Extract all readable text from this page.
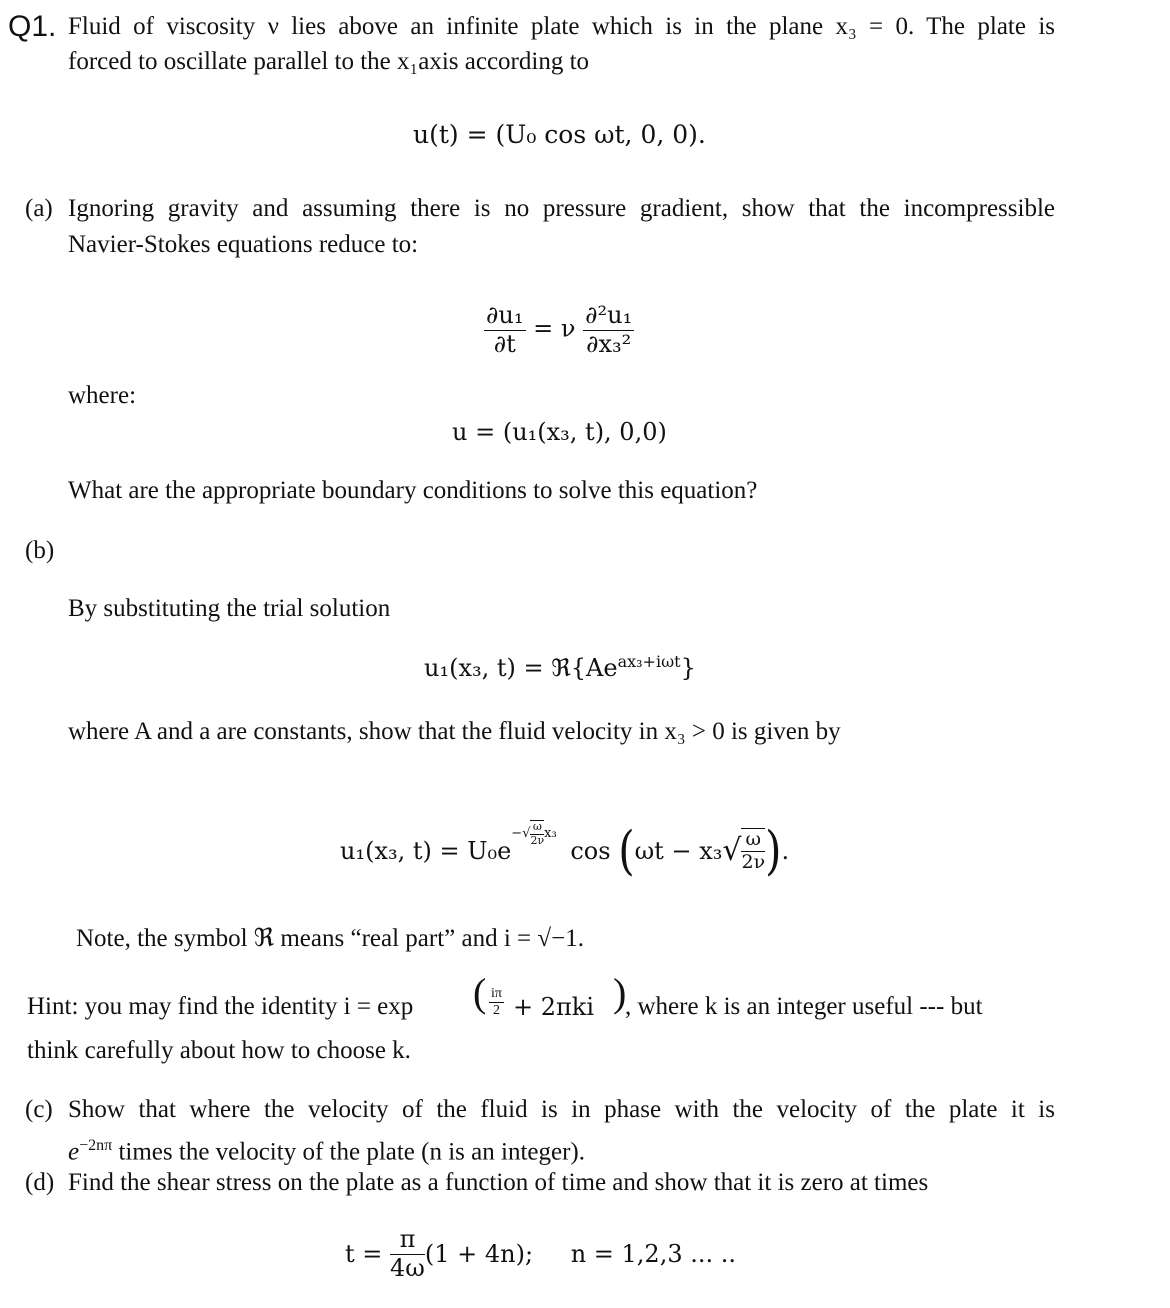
Q1. Fluid of viscosity ν lies above an infinite plate which is in the plane x₃ = 0. The plate is
forced to oscillate parallel to the x₁axis according to
u(t) = (U₀ cos ωt, 0, 0).
(a) Ignoring gravity and assuming there is no pressure gradient, show that the incompressible
Navier-Stokes equations reduce to:
$\frac{\text{∂u₁}}{\partial t} = \nu \frac{\text{∂²u₁}}{\text{∂x₃²}}$
where:
u = (u₁(x₃, t), 0,0)
What are the appropriate boundary conditions to solve this equation?
(b)
By substituting the trial solution
u₁(x₃, $t) = ℜ\{Ae^{ax_3+i\omega t}\}$
where A and a are constants, show that the fluid velocity in x₃ > 0 is given by
u₁(x₃, $t) = U_0e-√ \frac{\omega}{2\nu} x_3$ $\cos (\omega t - x_3√ \frac{\omega}{2\nu}$ ).
Note, the symbol ℜ means “real part” and i = √−1.
Hint: you may find the identity i = exp ( $\frac{i\pi}{2} + 2\pi ki$ )
, where k is an integer useful --- but
think carefully about how to choose k.
(c) Show that where the velocity of the fluid is in phase with the velocity of the plate it is
$e^{-2n\pi}$ times the velocity of the plate (n is an integer).
(d) Find the shear stress on the plate as a function of time and show that it is zero at times
$t = \frac{\pi}{4\omega} (1 + 4n)$; n = 1,2,3 ... ..
